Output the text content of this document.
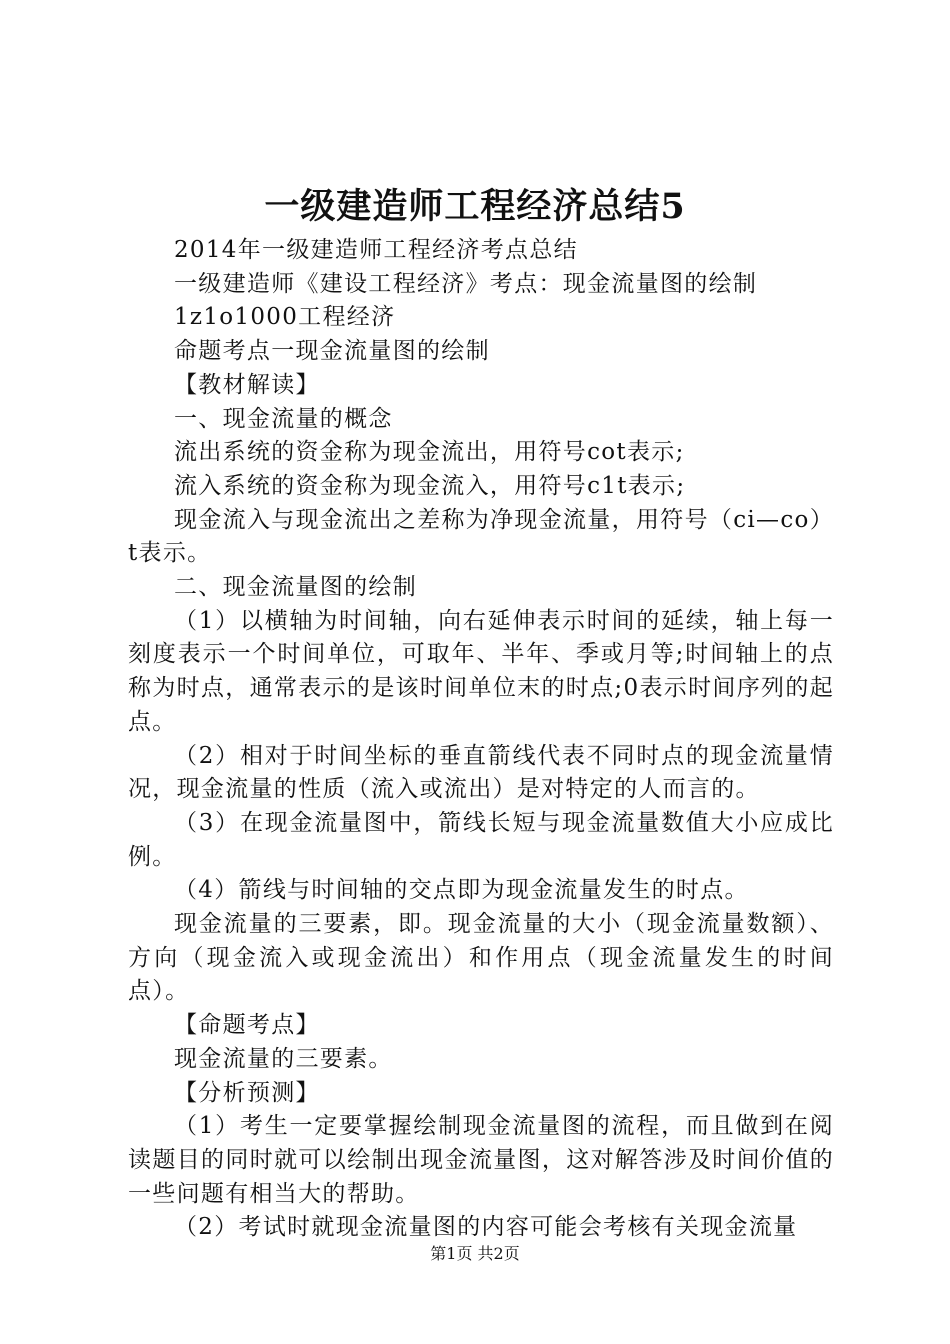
一级建造师工程经济总结5

2014年一级建造师工程经济考点总结

一级建造师《建设工程经济》考点：现金流量图的绘制

1z1o1000工程经济

命题考点一现金流量图的绘制

【教材解读】

一、现金流量的概念

流出系统的资金称为现金流出，用符号cot表示;

流入系统的资金称为现金流入，用符号c1t表示;

现金流入与现金流出之差称为净现金流量，用符号（ci—co）t表示。

二、现金流量图的绘制

（1）以横轴为时间轴，向右延伸表示时间的延续，轴上每一刻度表示一个时间单位，可取年、半年、季或月等;时间轴上的点称为时点，通常表示的是该时间单位末的时点;0表示时间序列的起点。

（2）相对于时间坐标的垂直箭线代表不同时点的现金流量情况，现金流量的性质（流入或流出）是对特定的人而言的。

（3）在现金流量图中，箭线长短与现金流量数值大小应成比例。

（4）箭线与时间轴的交点即为现金流量发生的时点。

现金流量的三要素，即。现金流量的大小（现金流量数额）、方向（现金流入或现金流出）和作用点（现金流量发生的时间点）。

【命题考点】

现金流量的三要素。

【分析预测】

（1）考生一定要掌握绘制现金流量图的流程，而且做到在阅读题目的同时就可以绘制出现金流量图，这对解答涉及时间价值的一些问题有相当大的帮助。

（2）考试时就现金流量图的内容可能会考核有关现金流量

第1页 共2页
